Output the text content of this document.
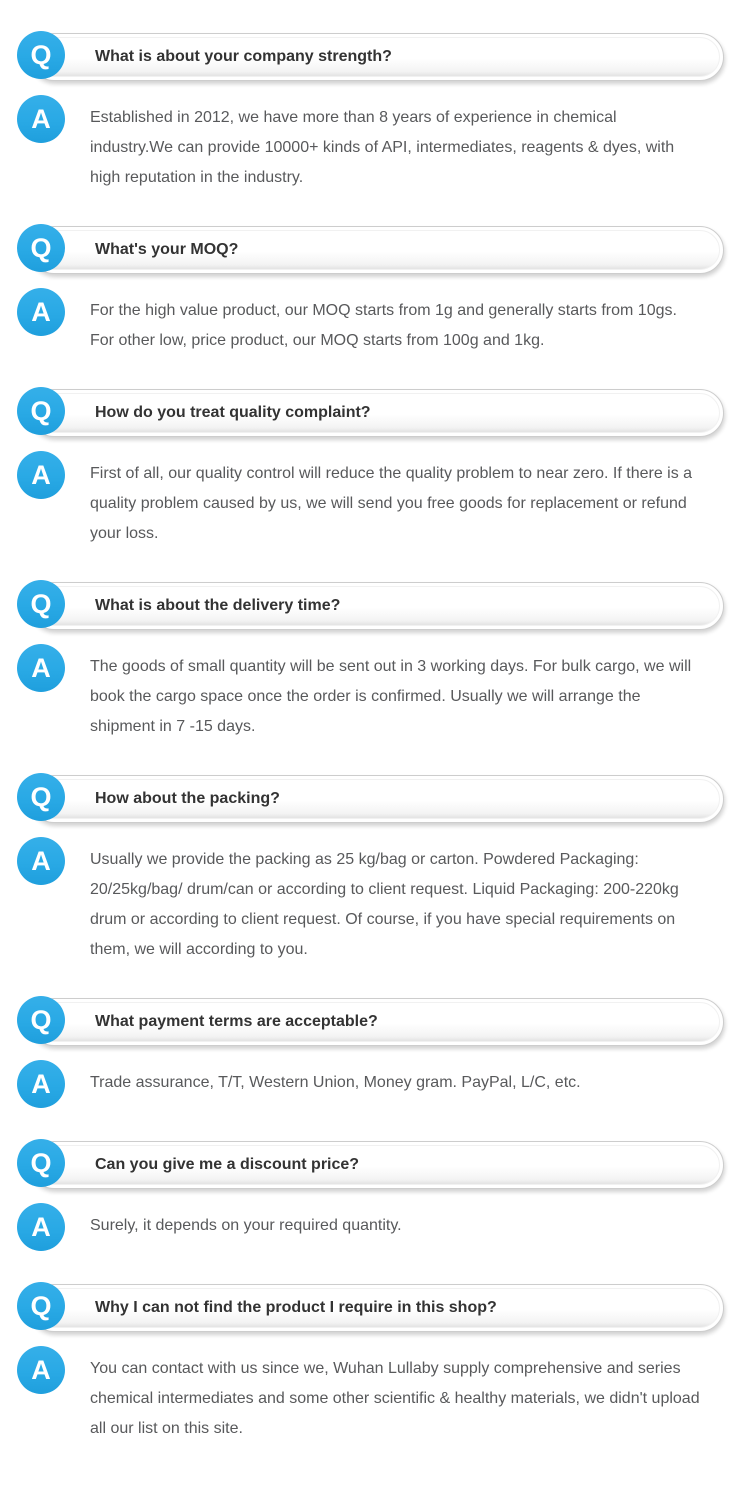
Q	What is about your company strength?
A	Established in 2012, we have more than 8 years of experience in chemical industry.We can provide 10000+ kinds of API, intermediates, reagents & dyes, with high reputation in the industry.
Q	What's your MOQ?
A	For the high value product, our MOQ starts from 1g and generally starts from 10gs. For other low, price product, our MOQ starts from 100g and 1kg.
Q	How do you treat quality complaint?
A	First of all, our quality control will reduce the quality problem to near zero. If there is a quality problem caused by us, we will send you free goods for replacement or refund your loss.
Q	What is about the delivery time?
A	The goods of small quantity will be sent out in 3 working days. For bulk cargo, we will book the cargo space once the order is confirmed. Usually we will arrange the shipment in 7 -15 days.
Q	How about the packing?
A	Usually we provide the packing as 25 kg/bag or carton. Powdered Packaging: 20/25kg/bag/ drum/can or according to client request. Liquid Packaging: 200-220kg drum or according to client request. Of course, if you have special requirements on them, we will according to you.
Q	What payment terms are acceptable?
A	Trade assurance, T/T, Western Union, Money gram. PayPal, L/C, etc.
Q	Can you give me a discount price?
A	Surely, it depends on your required quantity.
Q	Why I can not find the product I require in this shop?
A	You can contact with us since we, Wuhan Lullaby supply comprehensive and series chemical intermediates and some other scientific & healthy materials, we didn't upload all our list on this site.
